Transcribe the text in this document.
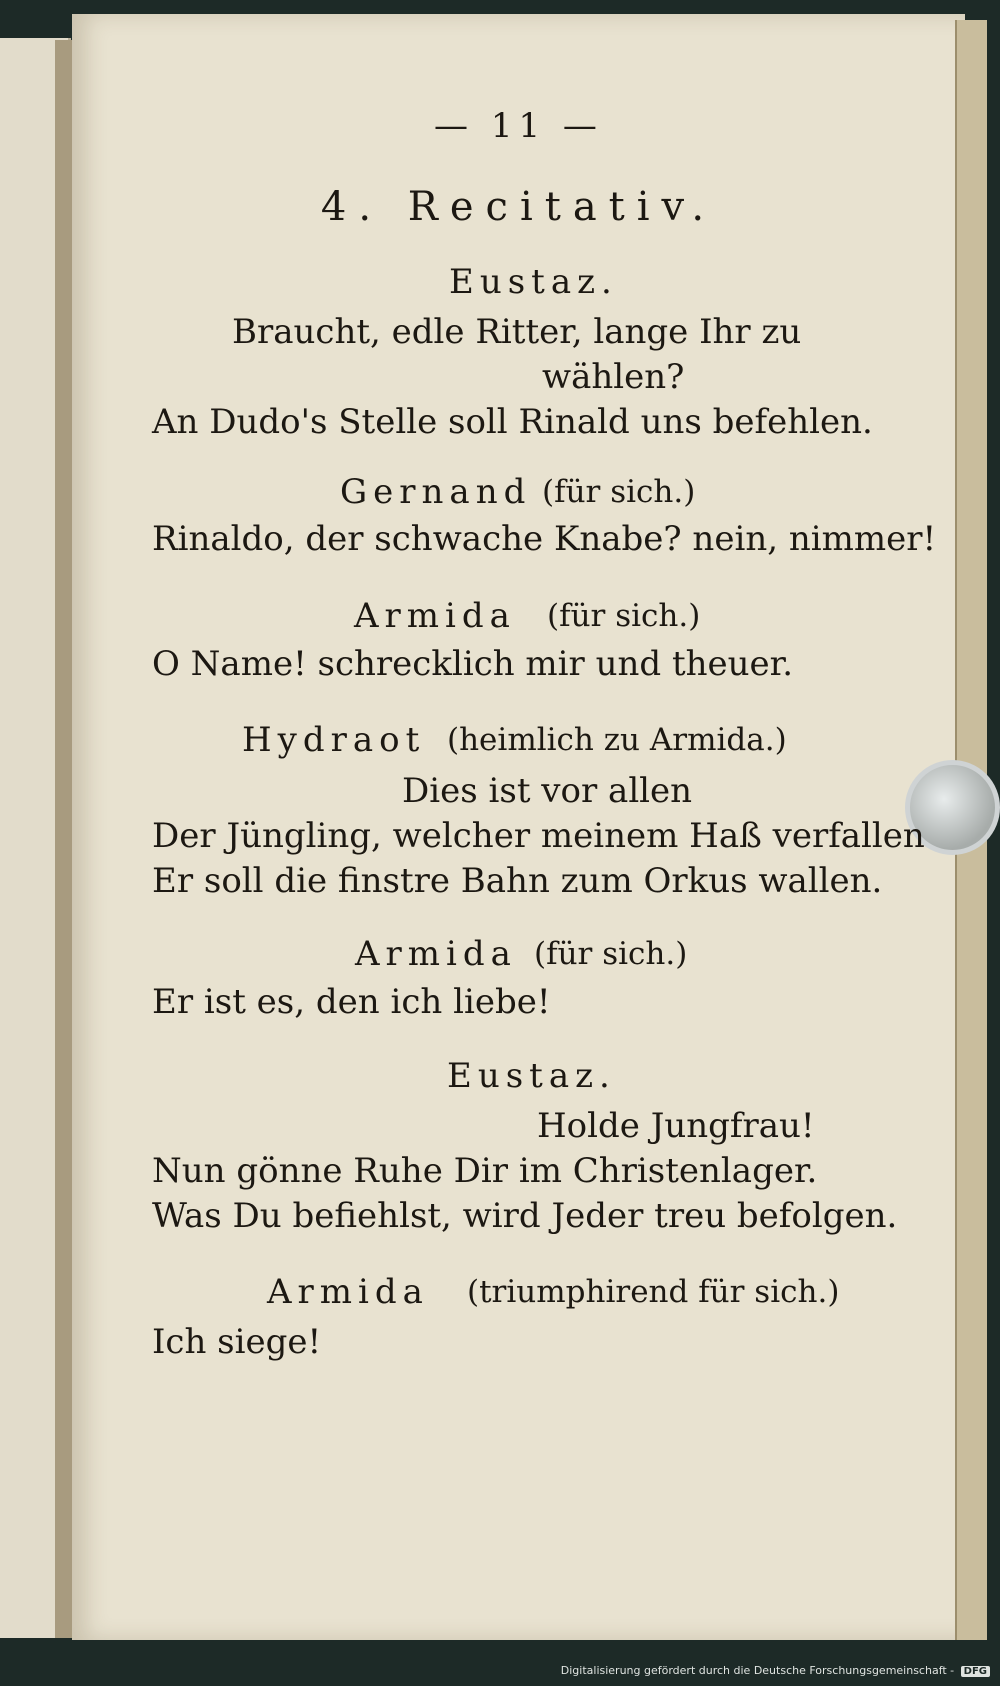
— 11 —
4. Recitativ.
Eustaz.
Braucht, edle Ritter, lange Ihr zu
wählen?
An Dudo's Stelle soll Rinald uns befehlen.
Gernand (für sich.)
Rinaldo, der schwache Knabe? nein, nimmer!
Armida (für sich.)
O Name! schrecklich mir und theuer.
Hydraot (heimlich zu Armida.)
Dies ist vor allen
Der Jüngling, welcher meinem Haß verfallen
Er soll die finstre Bahn zum Orkus wallen.
Armida (für sich.)
Er ist es, den ich liebe!
Eustaz.
Holde Jungfrau!
Nun gönne Ruhe Dir im Christenlager.
Was Du befiehlst, wird Jeder treu befolgen.
Armida (triumphirend für sich.)
Ich siege!
Digitalisierung gefördert durch die Deutsche Forschungsgemeinschaft - DFG
